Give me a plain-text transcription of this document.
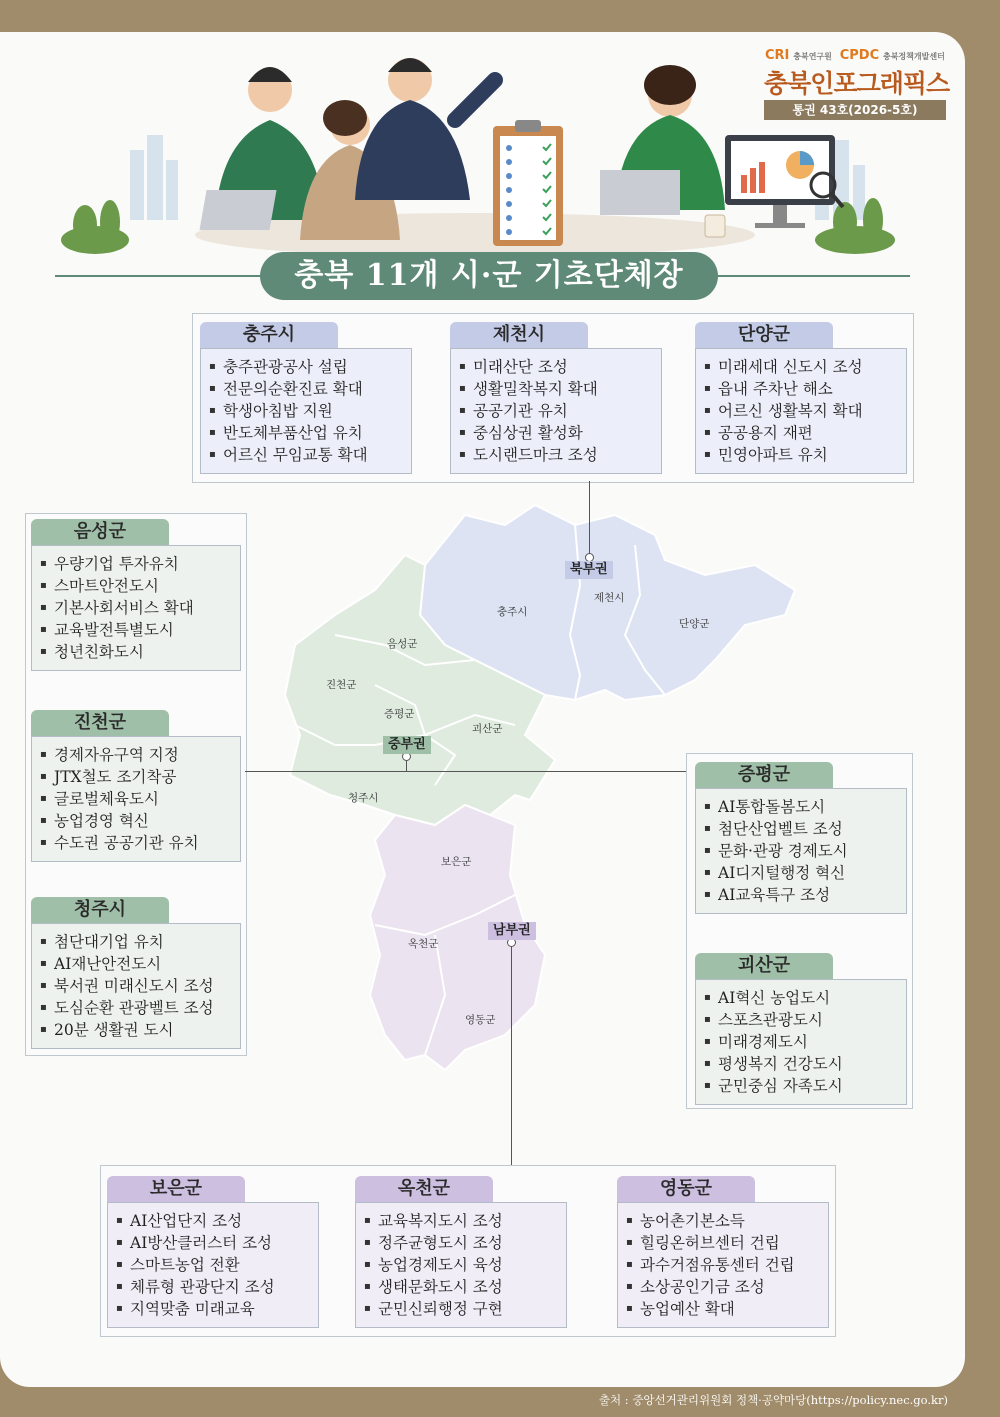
CRI 충북연구원 CPDC 충북정책개발센터
충북인포그래픽스
통권 43호(2026-5호)
충북 11개 시·군 기초단체장
충주시
제천시
단양군
음성군
진천군
증평군
괴산군
청주시
보은군
옥천군
영동군
북부권
중부권
남부권
충주시
▪ 충주관광공사 설립
▪ 전문의순환진료 확대
▪ 학생아침밥 지원
▪ 반도체부품산업 유치
▪ 어르신 무임교통 확대
제천시
▪ 미래산단 조성
▪ 생활밀착복지 확대
▪ 공공기관 유치
▪ 중심상권 활성화
▪ 도시랜드마크 조성
단양군
▪ 미래세대 신도시 조성
▪ 읍내 주차난 해소
▪ 어르신 생활복지 확대
▪ 공공용지 재편
▪ 민영아파트 유치
음성군
▪ 우량기업 투자유치
▪ 스마트안전도시
▪ 기본사회서비스 확대
▪ 교육발전특별도시
▪ 청년친화도시
진천군
▪ 경제자유구역 지정
▪ JTX철도 조기착공
▪ 글로벌체육도시
▪ 농업경영 혁신
▪ 수도권 공공기관 유치
청주시
▪ 첨단대기업 유치
▪ AI재난안전도시
▪ 북서권 미래신도시 조성
▪ 도심순환 관광벨트 조성
▪ 20분 생활권 도시
증평군
▪ AI통합돌봄도시
▪ 첨단산업벨트 조성
▪ 문화·관광 경제도시
▪ AI디지털행정 혁신
▪ AI교육특구 조성
괴산군
▪ AI혁신 농업도시
▪ 스포츠관광도시
▪ 미래경제도시
▪ 평생복지 건강도시
▪ 군민중심 자족도시
보은군
▪ AI산업단지 조성
▪ AI방산클러스터 조성
▪ 스마트농업 전환
▪ 체류형 관광단지 조성
▪ 지역맞춤 미래교육
옥천군
▪ 교육복지도시 조성
▪ 정주균형도시 조성
▪ 농업경제도시 육성
▪ 생태문화도시 조성
▪ 군민신뢰행정 구현
영동군
▪ 농어촌기본소득
▪ 힐링온허브센터 건립
▪ 과수거점유통센터 건립
▪ 소상공인기금 조성
▪ 농업예산 확대
출처 : 중앙선거관리위원회 정책·공약마당(https://policy.nec.go.kr)
